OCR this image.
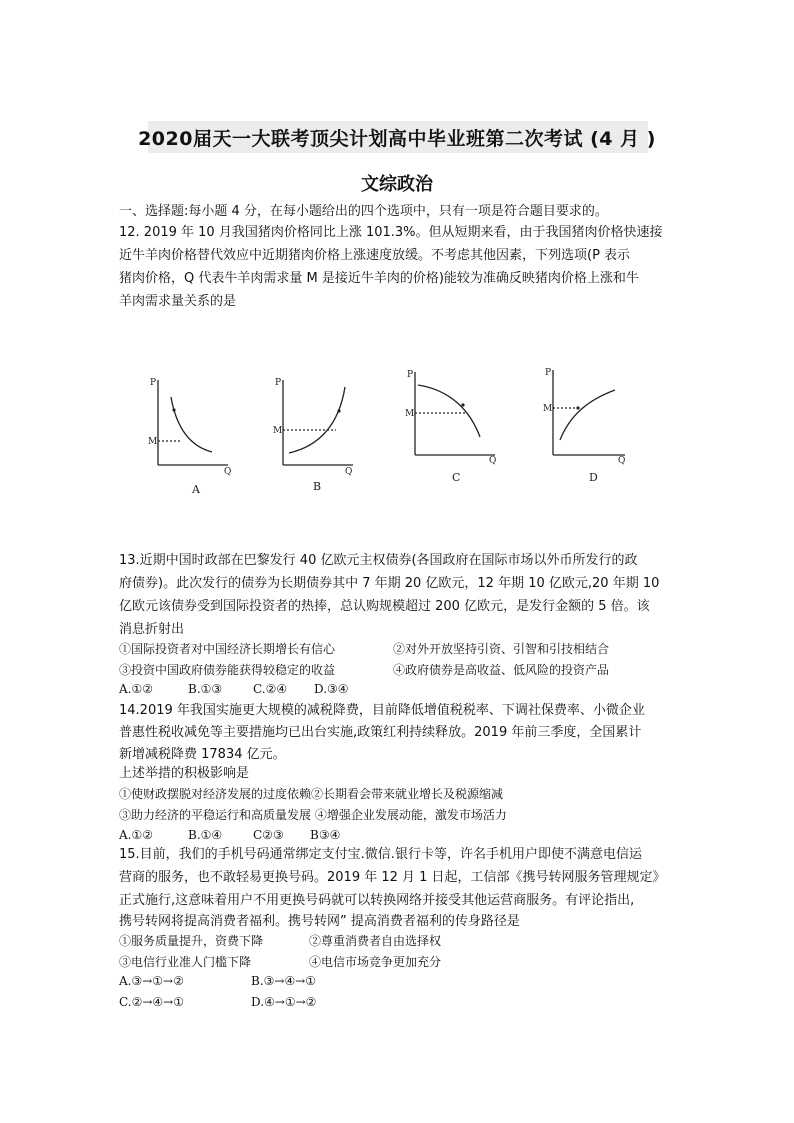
2020届天一大联考顶尖计划高中毕业班第二次考试 (4 月 )
文综政治
一、选择题:每小题 4 分，在每小题给出的四个选项中，只有一项是符合题目要求的。
12. 2019 年 10 月我国猪肉价格同比上涨 101.3%。但从短期来看，由于我国猪肉价格快速接
近牛羊肉价格替代效应中近期猪肉价格上涨速度放缓。不考虑其他因素，下列选项(P 表示
猪肉价格，Q 代表牛羊肉需求量 M 是接近牛羊肉的价格)能较为准确反映猪肉价格上涨和牛
羊肉需求量关系的是
P
M
Q
P
M
Q
P
M
Q
P
M
Q
A	B
C	D
13.近期中国时政部在巴黎发行 40 亿欧元主权债券(各国政府在国际市场以外币所发行的政
府债券)。此次发行的债券为长期债券其中 7 年期 20 亿欧元，12 年期 10 亿欧元,20 年期 10
亿欧元该债券受到国际投资者的热捧，总认购规模超过 200 亿欧元，是发行金额的 5 倍。该
消息折射出
①国际投资者对中国经济长期增长有信心	②对外开放坚持引资、引智和引技相结合
③投资中国政府债券能获得较稳定的收益	④政府债券是高收益、低风险的投资产品
A.①②	B.①③	C.②④ D.③④
14.2019 年我国实施更大规模的减税降费，目前降低增值税税率、下调社保费率、小微企业
普惠性税收减免等主要措施均已出台实施,政策红利持续释放。2019 年前三季度，全国累计
新增减税降费 17834 亿元。
上述举措的积极影响是
①使财政摆脱对经济发展的过度依赖②长期看会带来就业增长及税源缩减
③助力经济的平稳运行和高质量发展 ④增强企业发展动能，激发市场活力
A.①②	B.①④	C②③ B③④
15.目前，我们的手机号码通常绑定支付宝.微信.银行卡等，许名手机用户即使不满意电信运
营商的服务，也不敢轻易更换号码。2019 年 12 月 1 日起，工信部《携号转网服务管理规定》
正式施行,这意味着用户不用更换号码就可以转换网络并接受其他运营商服务。有评论指出,
携号转网将提高消费者福利。携号转网” 提高消费者福利的传身路径是
①服务质量提升，资费下降	②尊重消费者自由选择权
③电信行业准人门槛下降	④电信市场竞争更加充分
A.③→①→②	B.③→④→①
C.②→④→①	D.④→①→②
